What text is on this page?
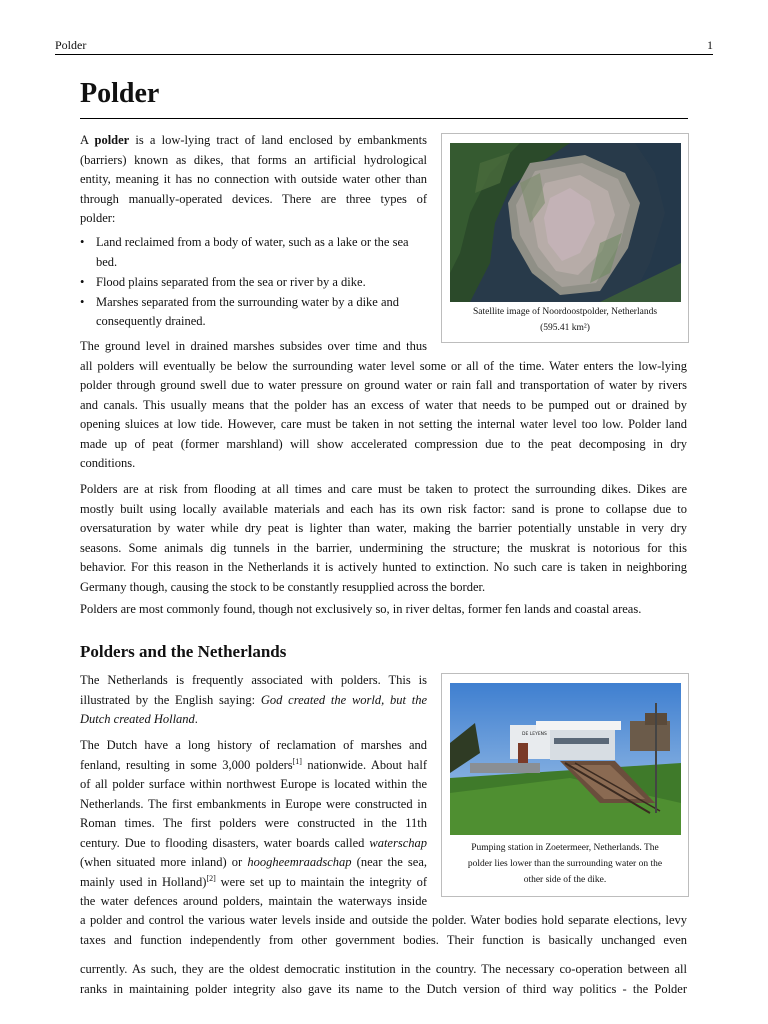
Polder	1
Polder

A polder is a low-lying tract of land enclosed by embankments
(barriers) known as dikes, that forms an artificial hydrological
entity, meaning it has no connection with outside water other than
through manually-operated devices. There are three types of
polder:

• Land reclaimed from a body of water, such as a lake or the sea
bed.
• Flood plains separated from the sea or river by a dike.
• Marshes separated from the surrounding water by a dike and
consequently drained.
Satellite image of Noordoostpolder, Netherlands
(595.41 km²)

The ground level in drained marshes subsides over time and thus
all polders will eventually be below the surrounding water level some or all of the time. Water enters the low-lying
polder through ground swell due to water pressure on ground water or rain fall and transportation of water by rivers
and canals. This usually means that the polder has an excess of water that needs to be pumped out or drained by
opening sluices at low tide. However, care must be taken in not setting the internal water level too low. Polder land
made up of peat (former marshland) will show accelerated compression due to the peat decomposing in dry
conditions.

Polders are at risk from flooding at all times and care must be taken to protect the surrounding dikes. Dikes are
mostly built using locally available materials and each has its own risk factor: sand is prone to collapse due to
oversaturation by water while dry peat is lighter than water, making the barrier potentially unstable in very dry
seasons. Some animals dig tunnels in the barrier, undermining the structure; the muskrat is notorious for this
behavior. For this reason in the Netherlands it is actively hunted to extinction. No such care is taken in neighboring
Germany though, causing the stock to be constantly resupplied across the border.

Polders are most commonly found, though not exclusively so, in river deltas, former fen lands and coastal areas.

Polders and the Netherlands

The Netherlands is frequently associated with polders. This is
illustrated by the English saying: God created the world, but the
Dutch created Holland.

The Dutch have a long history of reclamation of marshes and
fenland, resulting in some 3,000 polders[1] nationwide. About half
of all polder surface within northwest Europe is located within the
Netherlands. The first embankments in Europe were constructed in
Roman times. The first polders were constructed in the 11th
century. Due to flooding disasters, water boards called waterschap
(when situated more inland) or hoogheemraadschap (near the sea,
mainly used in Holland)[2] were set up to maintain the integrity of
the water defences around polders, maintain the waterways inside

a polder and control the various water levels inside and outside the polder. Water bodies hold separate elections, levy
taxes and function independently from other government bodies. Their function is basically unchanged even

currently. As such, they are the oldest democratic institution in the country. The necessary co-operation between all
ranks in maintaining polder integrity also gave its name to the Dutch version of third way politics - the Polder

DE LEYENS
Pumping station in Zoetermeer, Netherlands. The
polder lies lower than the surrounding water on the
other side of the dike.
